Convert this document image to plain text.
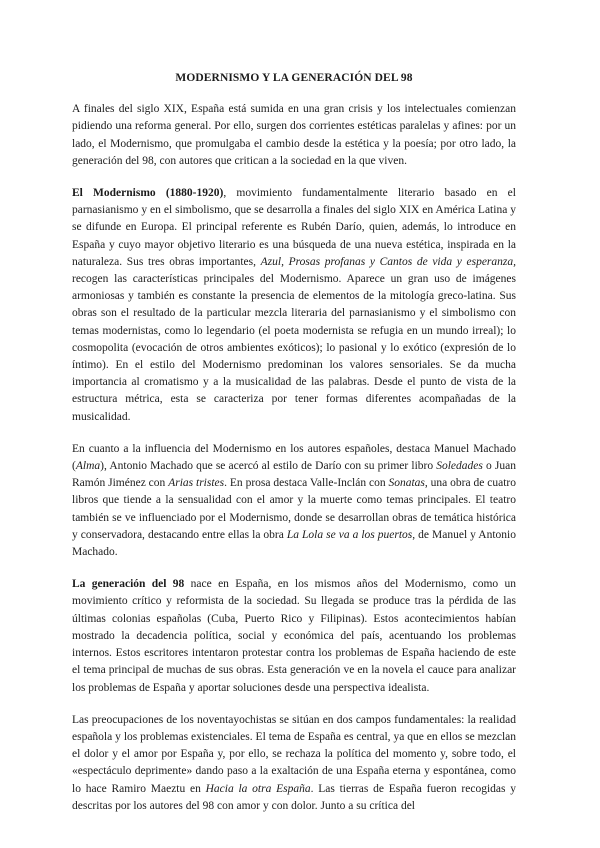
MODERNISMO Y LA GENERACIÓN DEL 98

A finales del siglo XIX, España está sumida en una gran crisis y los intelectuales comienzan pidiendo una reforma general. Por ello, surgen dos corrientes estéticas paralelas y afines: por un lado, el Modernismo, que promulgaba el cambio desde la estética y la poesía; por otro lado, la generación del 98, con autores que critican a la sociedad en la que viven.

El Modernismo (1880-1920), movimiento fundamentalmente literario basado en el parnasianismo y en el simbolismo, que se desarrolla a finales del siglo XIX en América Latina y se difunde en Europa. El principal referente es Rubén Darío, quien, además, lo introduce en España y cuyo mayor objetivo literario es una búsqueda de una nueva estética, inspirada en la naturaleza. Sus tres obras importantes, Azul, Prosas profanas y Cantos de vida y esperanza, recogen las características principales del Modernismo. Aparece un gran uso de imágenes armoniosas y también es constante la presencia de elementos de la mitología greco-latina. Sus obras son el resultado de la particular mezcla literaria del parnasianismo y el simbolismo con temas modernistas, como lo legendario (el poeta modernista se refugia en un mundo irreal); lo cosmopolita (evocación de otros ambientes exóticos); lo pasional y lo exótico (expresión de lo íntimo). En el estilo del Modernismo predominan los valores sensoriales. Se da mucha importancia al cromatismo y a la musicalidad de las palabras. Desde el punto de vista de la estructura métrica, esta se caracteriza por tener formas diferentes acompañadas de la musicalidad.

En cuanto a la influencia del Modernismo en los autores españoles, destaca Manuel Machado (Alma), Antonio Machado que se acercó al estilo de Darío con su primer libro Soledades o Juan Ramón Jiménez con Arias tristes. En prosa destaca Valle-Inclán con Sonatas, una obra de cuatro libros que tiende a la sensualidad con el amor y la muerte como temas principales. El teatro también se ve influenciado por el Modernismo, donde se desarrollan obras de temática histórica y conservadora, destacando entre ellas la obra La Lola se va a los puertos, de Manuel y Antonio Machado.

La generación del 98 nace en España, en los mismos años del Modernismo, como un movimiento crítico y reformista de la sociedad. Su llegada se produce tras la pérdida de las últimas colonias españolas (Cuba, Puerto Rico y Filipinas). Estos acontecimientos habían mostrado la decadencia política, social y económica del país, acentuando los problemas internos. Estos escritores intentaron protestar contra los problemas de España haciendo de este el tema principal de muchas de sus obras. Esta generación ve en la novela el cauce para analizar los problemas de España y aportar soluciones desde una perspectiva idealista.

Las preocupaciones de los noventayochistas se sitúan en dos campos fundamentales: la realidad española y los problemas existenciales. El tema de España es central, ya que en ellos se mezclan el dolor y el amor por España y, por ello, se rechaza la política del momento y, sobre todo, el «espectáculo deprimente» dando paso a la exaltación de una España eterna y espontánea, como lo hace Ramiro Maeztu en Hacia la otra España. Las tierras de España fueron recogidas y descritas por los autores del 98 con amor y con dolor. Junto a su crítica del
